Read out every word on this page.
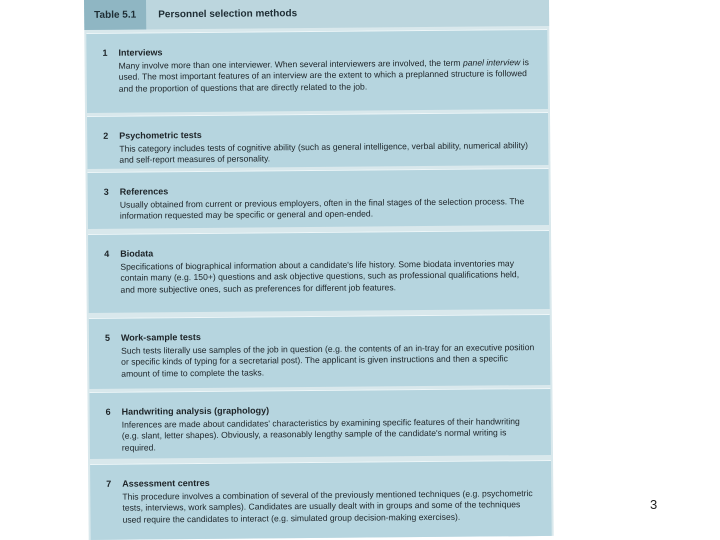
Table 5.1	Personnel selection methods
1 Interviews
Many involve more than one interviewer. When several interviewers are involved, the term panel interview is used. The most important features of an interview are the extent to which a preplanned structure is followed and the proportion of questions that are directly related to the job.
2 Psychometric tests
This category includes tests of cognitive ability (such as general intelligence, verbal ability, numerical ability) and self-report measures of personality.
3 References
Usually obtained from current or previous employers, often in the final stages of the selection process. The information requested may be specific or general and open-ended.
4 Biodata
Specifications of biographical information about a candidate's life history. Some biodata inventories may contain many (e.g. 150+) questions and ask objective questions, such as professional qualifications held, and more subjective ones, such as preferences for different job features.
5 Work-sample tests
Such tests literally use samples of the job in question (e.g. the contents of an in-tray for an executive position or specific kinds of typing for a secretarial post). The applicant is given instructions and then a specific amount of time to complete the tasks.
6 Handwriting analysis (graphology)
Inferences are made about candidates' characteristics by examining specific features of their handwriting (e.g. slant, letter shapes). Obviously, a reasonably lengthy sample of the candidate's normal writing is required.
7 Assessment centres
This procedure involves a combination of several of the previously mentioned techniques (e.g. psychometric tests, interviews, work samples). Candidates are usually dealt with in groups and some of the techniques used require the candidates to interact (e.g. simulated group decision-making exercises).
3
